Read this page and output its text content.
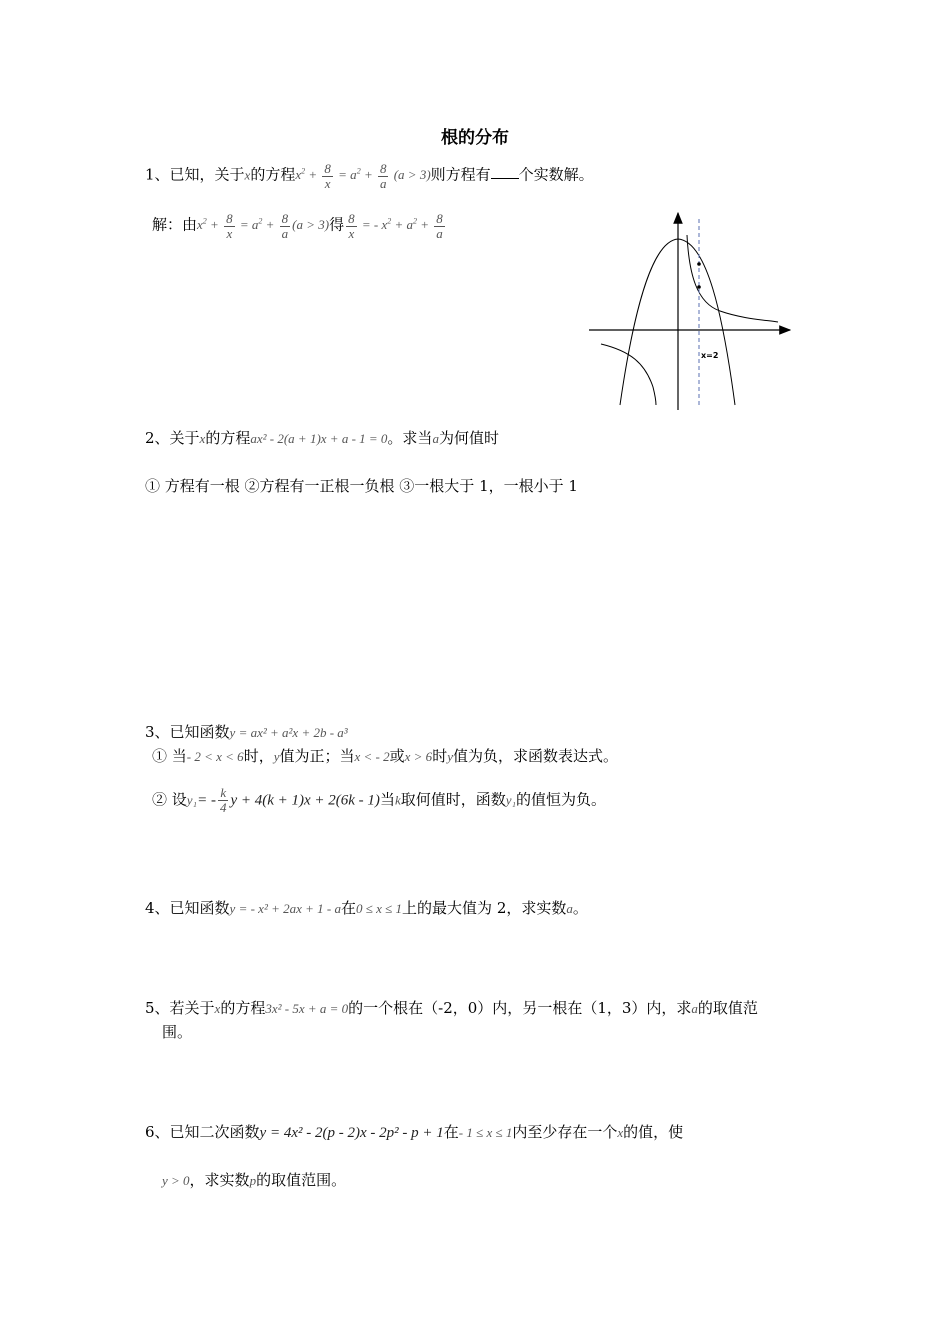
根的分布
1、已知，关于x的方程$x^2 + \frac{8}{x} = a^2 + \frac{8}{a} (a > 3)$则方程有 个实数解。
解：由$x^2 + \frac{8}{x} = a^2 + \frac{8}{a} (a > 3)$得 $\frac{8}{x}$ = - $x^2 + a^2 + \frac{8}{a}$
x=2
2、关于x的方程ax² - 2(a + 1)x + a - 1 = 0。求当a为何值时
① 方程有一根 ②方程有一正根一负根 ③一根大于 1，一根小于 1
3、已知函数y = ax² + a²x + 2b - a³
① 当- 2 < x < 6时，y值为正；当x < - 2或x > 6时y值为负，求函数表达式。
② 设$y_1= - \frac{k}{4}$ y + 4(k + 1)x + 2(6k - 1)当k取何值时，函数y₁的值恒为负。
4、已知函数y = - x² + 2ax + 1 - a在0 ≤ x ≤ 1上的最大值为 2，求实数a。
5、若关于x的方程3x² - 5x + a = 0的一个根在（-2，0）内，另一根在（1，3）内，求a的取值范
围。
6、已知二次函数y = 4x² - 2(p - 2)x - 2p² - p + 1在- 1 ≤ x ≤ 1内至少存在一个x的值，使
y > 0，求实数p的取值范围。
